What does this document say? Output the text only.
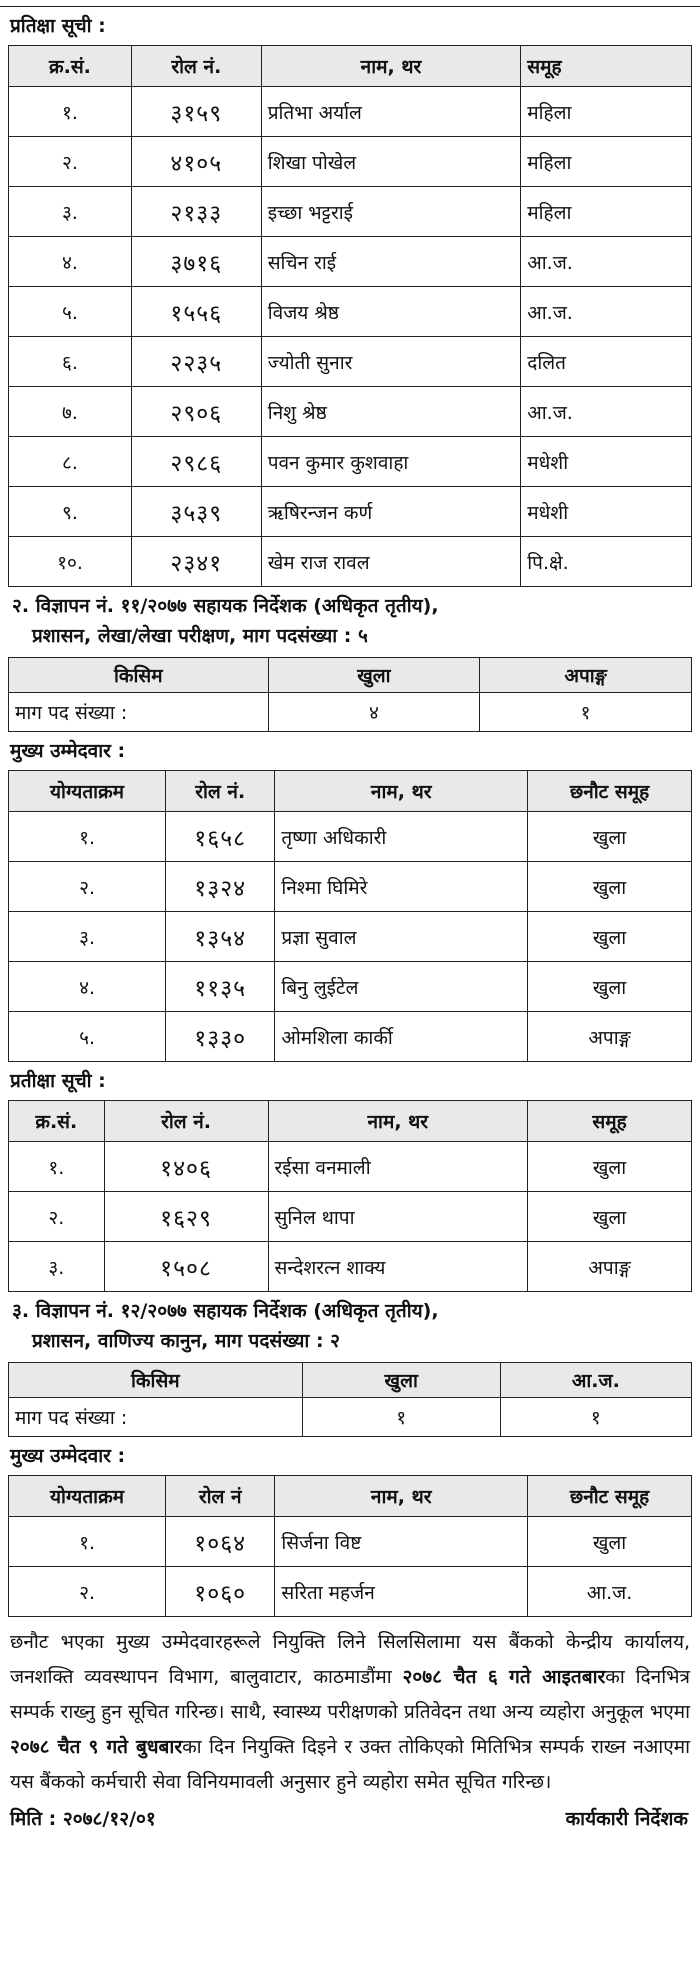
प्रतिक्षा सूची :
क्र.सं.	रोल नं.	नाम, थर	समूह
१.	३१५९	प्रतिभा अर्याल	महिला
२.	४१०५	शिखा पोखेल	महिला
३.	२१३३	इच्छा भट्टराई	महिला
४.	३७१६	सचिन राई	आ.ज.
५.	१५५६	विजय श्रेष्ठ	आ.ज.
६.	२२३५	ज्योती सुनार	दलित
७.	२९०६	निशु श्रेष्ठ	आ.ज.
८.	२९८६	पवन कुमार कुशवाहा	मधेशी
९.	३५३९	ऋषिरन्जन कर्ण	मधेशी
१०.	२३४१	खेम राज रावल	पि.क्षे.
२. विज्ञापन नं. ११/२०७७ सहायक निर्देशक (अधिकृत तृतीय),
प्रशासन, लेखा/लेखा परीक्षण, माग पदसंख्या : ५
किसिम	खुला	अपाङ्ग
माग पद संख्या :	४	१
मुख्य उम्मेदवार :
योग्यताक्रम	रोल नं.	नाम, थर	छनौट समूह
१.	१६५८	तृष्णा अधिकारी	खुला
२.	१३२४	निश्मा घिमिरे	खुला
३.	१३५४	प्रज्ञा सुवाल	खुला
४.	११३५	बिनु लुईटेल	खुला
५.	१३३०	ओमशिला कार्की	अपाङ्ग
प्रतीक्षा सूची :
क्र.सं.	रोल नं.	नाम, थर	समूह
१.	१४०६	रईसा वनमाली	खुला
२.	१६२९	सुनिल थापा	खुला
३.	१५०८	सन्देशरत्न शाक्य	अपाङ्ग
३. विज्ञापन नं. १२/२०७७ सहायक निर्देशक (अधिकृत तृतीय),
प्रशासन, वाणिज्य कानुन, माग पदसंख्या : २
किसिम	खुला	आ.ज.
माग पद संख्या :	१	१
मुख्य उम्मेदवार :
योग्यताक्रम	रोल नं	नाम, थर	छनौट समूह
१.	१०६४	सिर्जना विष्ट	खुला
२.	१०६०	सरिता महर्जन	आ.ज.
छनौट भएका मुख्य उम्मेदवारहरूले नियुक्ति लिने सिलसिलामा यस बैंकको केन्द्रीय कार्यालय, जनशक्ति व्यवस्थापन विभाग, बालुवाटार, काठमाडौंमा २०७८ चैत ६ गते आइतबारका दिनभित्र सम्पर्क राख्नु हुन सूचित गरिन्छ। साथै, स्वास्थ्य परीक्षणको प्रतिवेदन तथा अन्य व्यहोरा अनुकूल भएमा २०७८ चैत ९ गते बुधबारका दिन नियुक्ति दिइने र उक्त तोकिएको मितिभित्र सम्पर्क राख्न नआएमा यस बैंकको कर्मचारी सेवा विनियमावली अनुसार हुने व्यहोरा समेत सूचित गरिन्छ।
मिति : २०७८/१२/०१	कार्यकारी निर्देशक
